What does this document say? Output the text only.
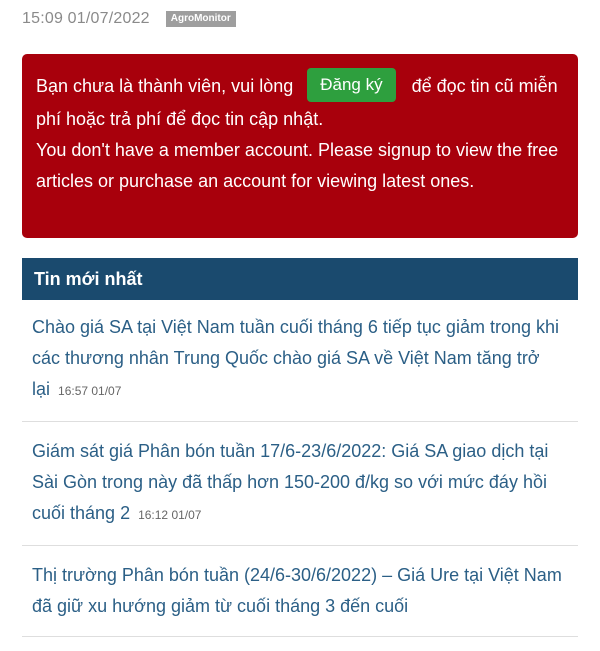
15:09 01/07/2022	AgroMonitor
Bạn chưa là thành viên, vui lòng Đăng ký để đọc tin cũ miễn phí hoặc trả phí để đọc tin cập nhật.
You don't have a member account. Please signup to view the free articles or purchase an account for viewing latest ones.
Tin mới nhất
Chào giá SA tại Việt Nam tuần cuối tháng 6 tiếp tục giảm trong khi các thương nhân Trung Quốc chào giá SA về Việt Nam tăng trở lại 16:57 01/07
Giám sát giá Phân bón tuần 17/6-23/6/2022: Giá SA giao dịch tại Sài Gòn trong này đã thấp hơn 150-200 đ/kg so với mức đáy hồi cuối tháng 2 16:12 01/07
Thị trường Phân bón tuần (24/6-30/6/2022) – Giá Ure tại Việt Nam đã giữ xu hướng giảm từ cuối tháng 3 đến cuối
